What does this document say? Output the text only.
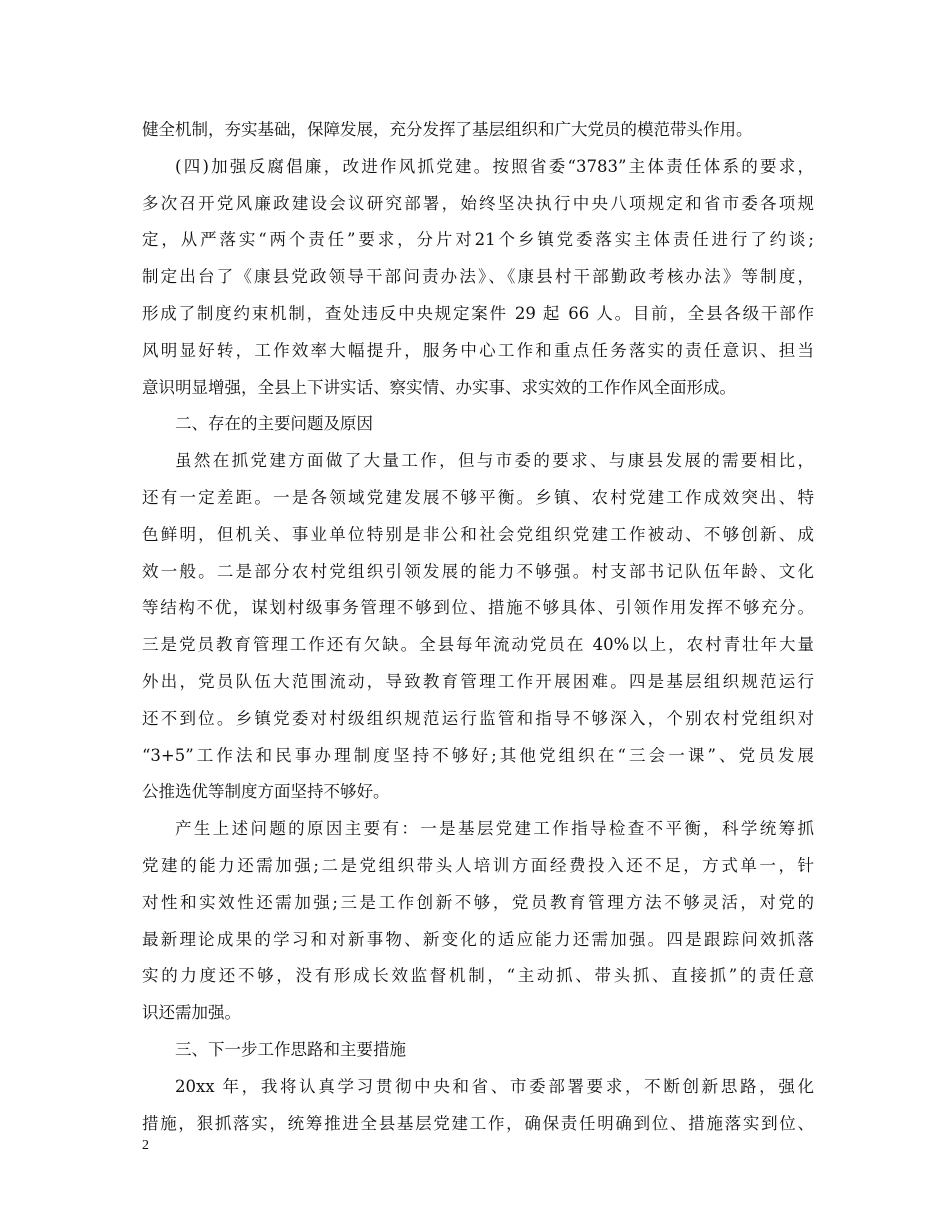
健全机制，夯实基础，保障发展，充分发挥了基层组织和广大党员的模范带头作用。
(四)加强反腐倡廉，改进作风抓党建。按照省委“3783”主体责任体系的要求，
多次召开党风廉政建设会议研究部署，始终坚决执行中央八项规定和省市委各项规
定，从严落实“两个责任”要求，分片对21个乡镇党委落实主体责任进行了约谈;
制定出台了《康县党政领导干部问责办法》、《康县村干部勤政考核办法》等制度，
形成了制度约束机制，查处违反中央规定案件 29 起 66 人。目前，全县各级干部作
风明显好转，工作效率大幅提升，服务中心工作和重点任务落实的责任意识、担当
意识明显增强，全县上下讲实话、察实情、办实事、求实效的工作作风全面形成。
二、存在的主要问题及原因
虽然在抓党建方面做了大量工作，但与市委的要求、与康县发展的需要相比，
还有一定差距。一是各领域党建发展不够平衡。乡镇、农村党建工作成效突出、特
色鲜明，但机关、事业单位特别是非公和社会党组织党建工作被动、不够创新、成
效一般。二是部分农村党组织引领发展的能力不够强。村支部书记队伍年龄、文化
等结构不优，谋划村级事务管理不够到位、措施不够具体、引领作用发挥不够充分。
三是党员教育管理工作还有欠缺。全县每年流动党员在 40%以上，农村青壮年大量
外出，党员队伍大范围流动，导致教育管理工作开展困难。四是基层组织规范运行
还不到位。乡镇党委对村级组织规范运行监管和指导不够深入，个别农村党组织对
“3+5”工作法和民事办理制度坚持不够好;其他党组织在“三会一课”、党员发展
公推选优等制度方面坚持不够好。
产生上述问题的原因主要有：一是基层党建工作指导检查不平衡，科学统筹抓
党建的能力还需加强;二是党组织带头人培训方面经费投入还不足，方式单一，针
对性和实效性还需加强;三是工作创新不够，党员教育管理方法不够灵活，对党的
最新理论成果的学习和对新事物、新变化的适应能力还需加强。四是跟踪问效抓落
实的力度还不够，没有形成长效监督机制，“主动抓、带头抓、直接抓”的责任意
识还需加强。
三、下一步工作思路和主要措施
20xx 年，我将认真学习贯彻中央和省、市委部署要求，不断创新思路，强化
措施，狠抓落实，统筹推进全县基层党建工作，确保责任明确到位、措施落实到位、
2
